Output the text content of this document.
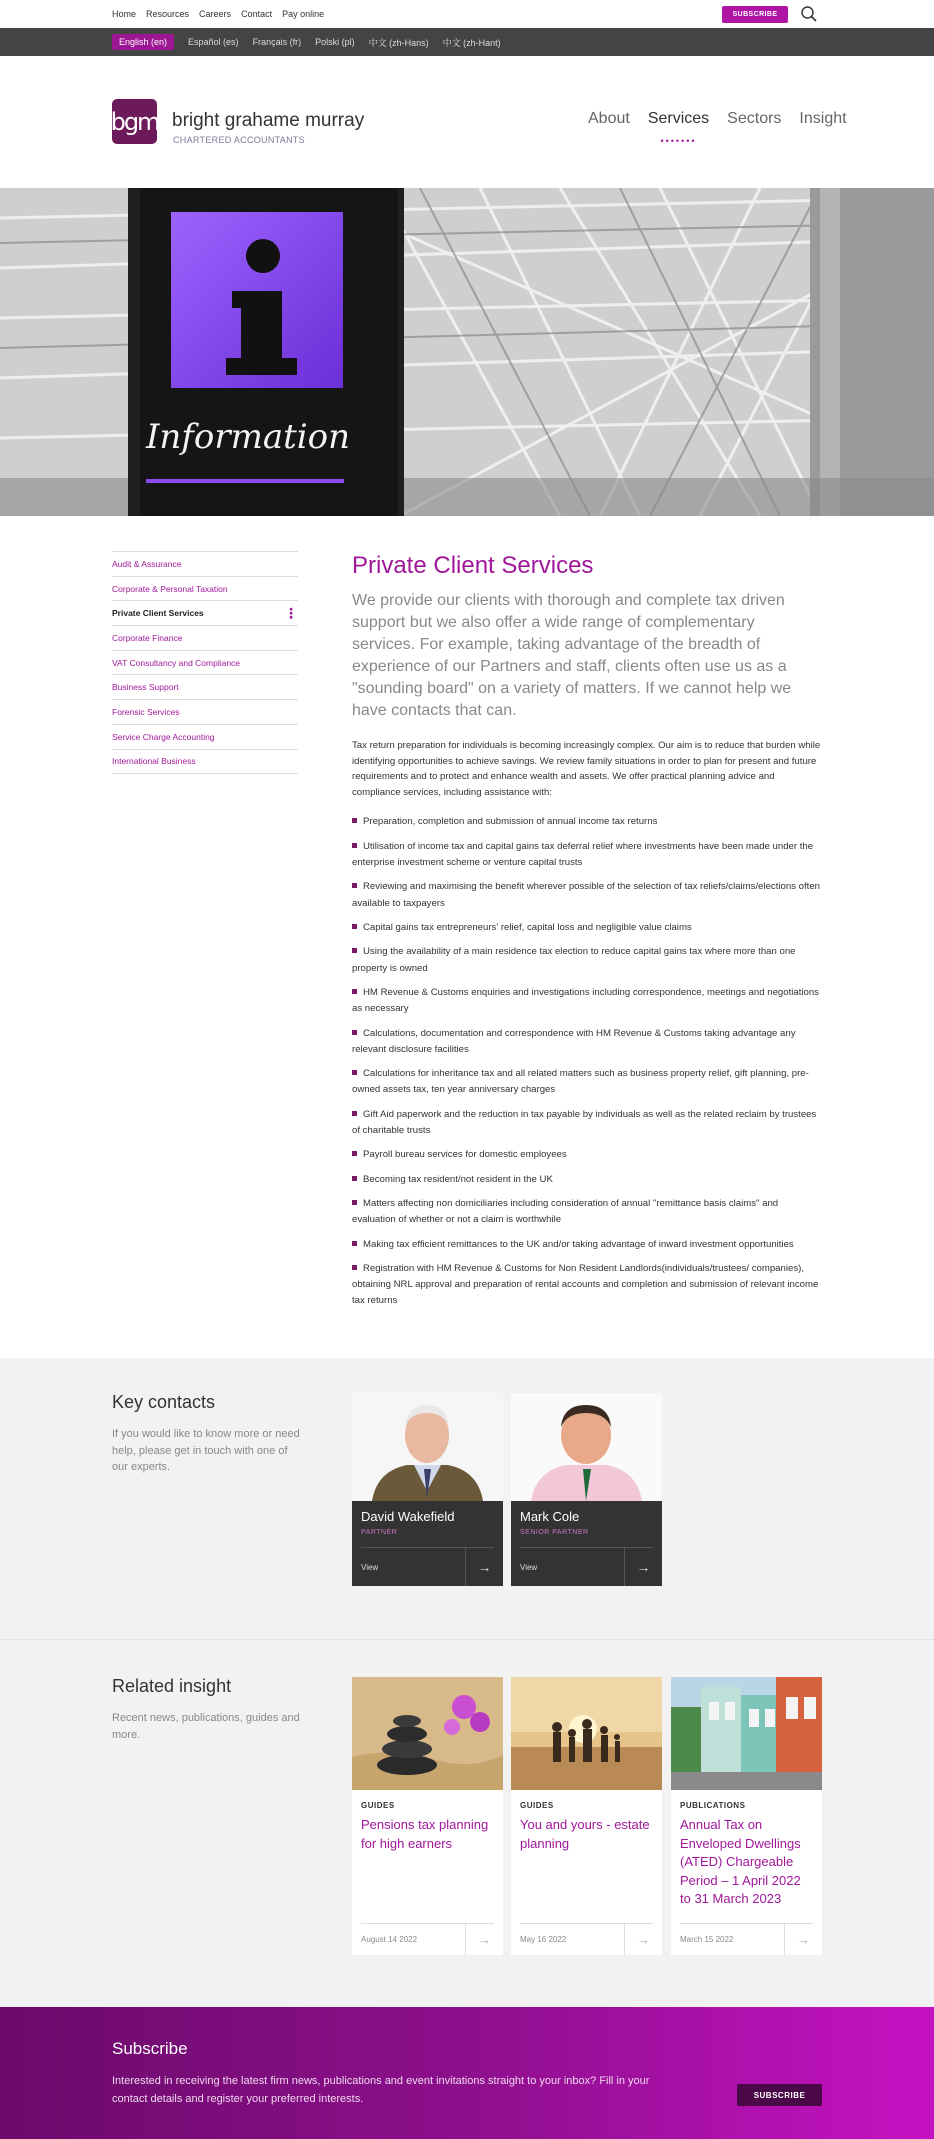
Home Resources Careers Contact Pay online	SUBSCRIBE
English (en)	Español (es) Français (fr) Polski (pl) 中文 (zh-Hans) 中文 (zh-Hant)
bright grahame murray
CHARTERED ACCOUNTANTS
bgm	About Services
•••••••
Sectors Insight
Information
Audit & Assurance
Corporate & Personal Taxation
Private Client Services ⋮
Corporate Finance
VAT Consultancy and Compliance
Business Support
Forensic Services
Service Charge Accounting
International Business
Private Client Services

We provide our clients with thorough and complete tax driven support but we also offer a wide range of complementary services. For example, taking advantage of the breadth of experience of our Partners and staff, clients often use us as a "sounding board" on a variety of matters. If we cannot help we have contacts that can.

Tax return preparation for individuals is becoming increasingly complex. Our aim is to reduce that burden while identifying opportunities to achieve savings. We review family situations in order to plan for present and future requirements and to protect and enhance wealth and assets. We offer practical planning advice and compliance services, including assistance with:

Preparation, completion and submission of annual income tax returns
Utilisation of income tax and capital gains tax deferral relief where investments have been made under the enterprise investment scheme or venture capital trusts
Reviewing and maximising the benefit wherever possible of the selection of tax reliefs/claims/elections often available to taxpayers
Capital gains tax entrepreneurs' relief, capital loss and negligible value claims
Using the availability of a main residence tax election to reduce capital gains tax where more than one property is owned
HM Revenue & Customs enquiries and investigations including correspondence, meetings and negotiations as necessary
Calculations, documentation and correspondence with HM Revenue & Customs taking advantage any relevant disclosure facilities
Calculations for inheritance tax and all related matters such as business property relief, gift planning, pre-owned assets tax, ten year anniversary charges
Gift Aid paperwork and the reduction in tax payable by individuals as well as the related reclaim by trustees of charitable trusts
Payroll bureau services for domestic employees
Becoming tax resident/not resident in the UK
Matters affecting non domiciliaries including consideration of annual "remittance basis claims" and evaluation of whether or not a claim is worthwhile
Making tax efficient remittances to the UK and/or taking advantage of inward investment opportunities
Registration with HM Revenue & Customs for Non Resident Landlords(individuals/trustees/ companies), obtaining NRL approval and preparation of rental accounts and completion and submission of relevant income tax returns
Key contacts
If you would like to know more or need help, please get in touch with one of our experts.
David Wakefield
PARTNER
View	→
Mark Cole
SENIOR PARTNER
View	→
Related insight
Recent news, publications, guides and more.
GUIDES
Pensions tax planning for high earners
August 14 2022	→
GUIDES
You and yours - estate planning
May 16 2022	→
PUBLICATIONS
Annual Tax on Enveloped Dwellings (ATED) Chargeable Period – 1 April 2022 to 31 March 2023
March 15 2022	→
Subscribe
Interested in receiving the latest firm news, publications and event invitations straight to your inbox? Fill in your contact details and register your preferred interests.	SUBSCRIBE
